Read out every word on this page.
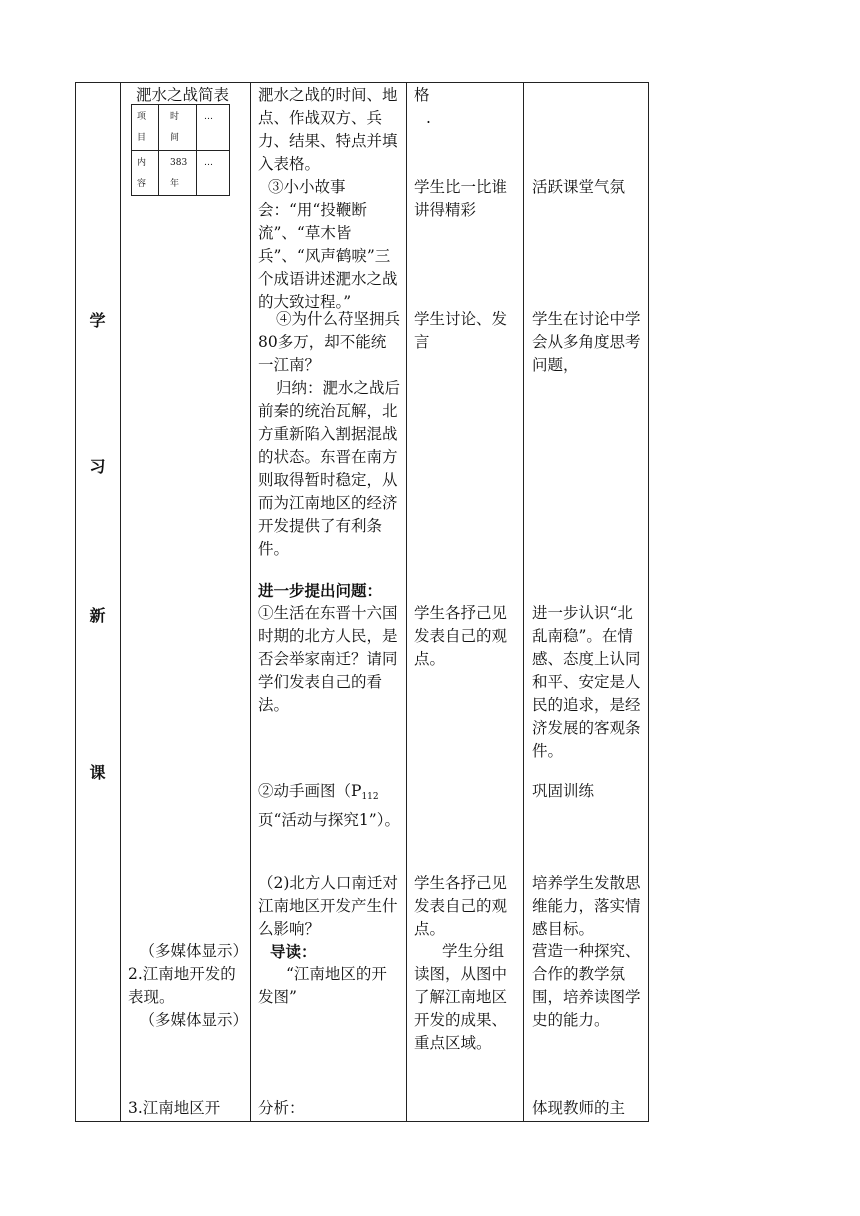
学
习
新
课
淝水之战简表
项目
时间
…
内容
383年
…
（多媒体显示）
2.江南地开发的表现。
（多媒体显示）
3.江南地区开
淝水之战的时间、地点、作战双方、兵力、结果、特点并填入表格。
③小小故事会：“用“投鞭断流”、“草木皆兵”、“风声鹤唳”三个成语讲述淝水之战的大致过程。”
④为什么苻坚拥兵80多万，却不能统一江南？
归纳：淝水之战后前秦的统治瓦解，北方重新陷入割据混战的状态。东晋在南方则取得暂时稳定，从而为江南地区的经济开发提供了有利条件。
进一步提出问题：
①生活在东晋十六国时期的北方人民，是否会举家南迁？请同学们发表自己的看法。
②动手画图（$P_{112}$页“活动与探究1”）。
（2)北方人口南迁对江南地区开发产生什么影响？
导读：
“江南地区的开发图”
分析：
格
.
学生比一比谁讲得精彩
学生讨论、发言
学生各抒己见发表自己的观点。
学生各抒己见发表自己的观点。
学生分组读图，从图中了解江南地区开发的成果、重点区域。
活跃课堂气氛
学生在讨论中学会从多角度思考问题，
进一步认识“北乱南稳”。在情感、态度上认同和平、安定是人民的追求，是经济发展的客观条件。
巩固训练
培养学生发散思维能力，落实情感目标。
营造一种探究、合作的教学氛围，培养读图学史的能力。
体现教师的主
